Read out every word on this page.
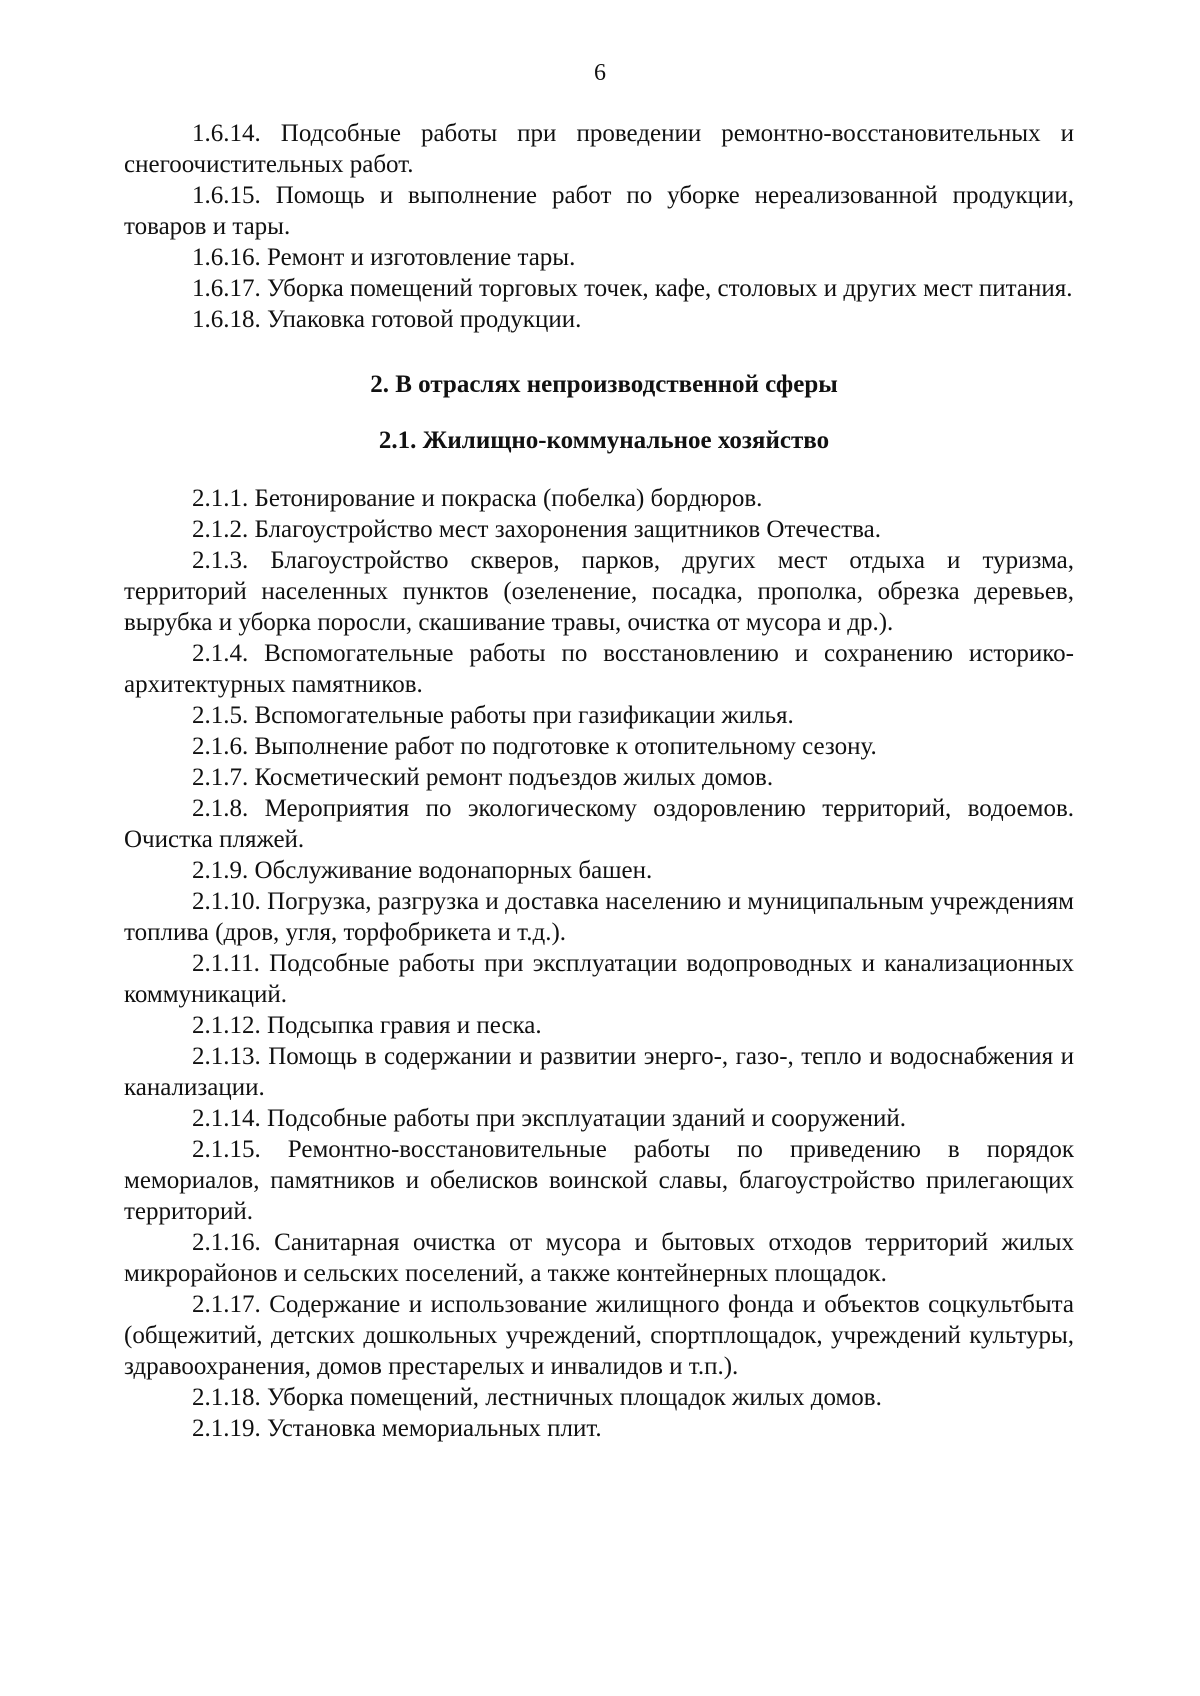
6

1.6.14. Подсобные работы при проведении ремонтно-восстановительных и снегоочистительных работ.

1.6.15. Помощь и выполнение работ по уборке нереализованной продукции, товаров и тары.

1.6.16. Ремонт и изготовление тары.

1.6.17. Уборка помещений торговых точек, кафе, столовых и других мест питания.

1.6.18. Упаковка готовой продукции.

2. В отраслях непроизводственной сферы
2.1. Жилищно-коммунальное хозяйство

2.1.1. Бетонирование и покраска (побелка) бордюров.

2.1.2. Благоустройство мест захоронения защитников Отечества.

2.1.3. Благоустройство скверов, парков, других мест отдыха и туризма, территорий населенных пунктов (озеленение, посадка, прополка, обрезка деревьев, вырубка и уборка поросли, скашивание травы, очистка от мусора и др.).

2.1.4. Вспомогательные работы по восстановлению и сохранению историко-архитектурных памятников.

2.1.5. Вспомогательные работы при газификации жилья.

2.1.6. Выполнение работ по подготовке к отопительному сезону.

2.1.7. Косметический ремонт подъездов жилых домов.

2.1.8. Мероприятия по экологическому оздоровлению территорий, водоемов. Очистка пляжей.

2.1.9. Обслуживание водонапорных башен.

2.1.10. Погрузка, разгрузка и доставка населению и муниципальным учреждениям топлива (дров, угля, торфобрикета и т.д.).

2.1.11. Подсобные работы при эксплуатации водопроводных и канализационных коммуникаций.

2.1.12. Подсыпка гравия и песка.

2.1.13. Помощь в содержании и развитии энерго-, газо-, тепло и водоснабжения и канализации.

2.1.14. Подсобные работы при эксплуатации зданий и сооружений.

2.1.15. Ремонтно-восстановительные работы по приведению в порядок мемориалов, памятников и обелисков воинской славы, благоустройство прилегающих территорий.

2.1.16. Санитарная очистка от мусора и бытовых отходов территорий жилых микрорайонов и сельских поселений, а также контейнерных площадок.

2.1.17. Содержание и использование жилищного фонда и объектов соцкультбыта (общежитий, детских дошкольных учреждений, спортплощадок, учреждений культуры, здравоохранения, домов престарелых и инвалидов и т.п.).

2.1.18. Уборка помещений, лестничных площадок жилых домов.

2.1.19. Установка мемориальных плит.
